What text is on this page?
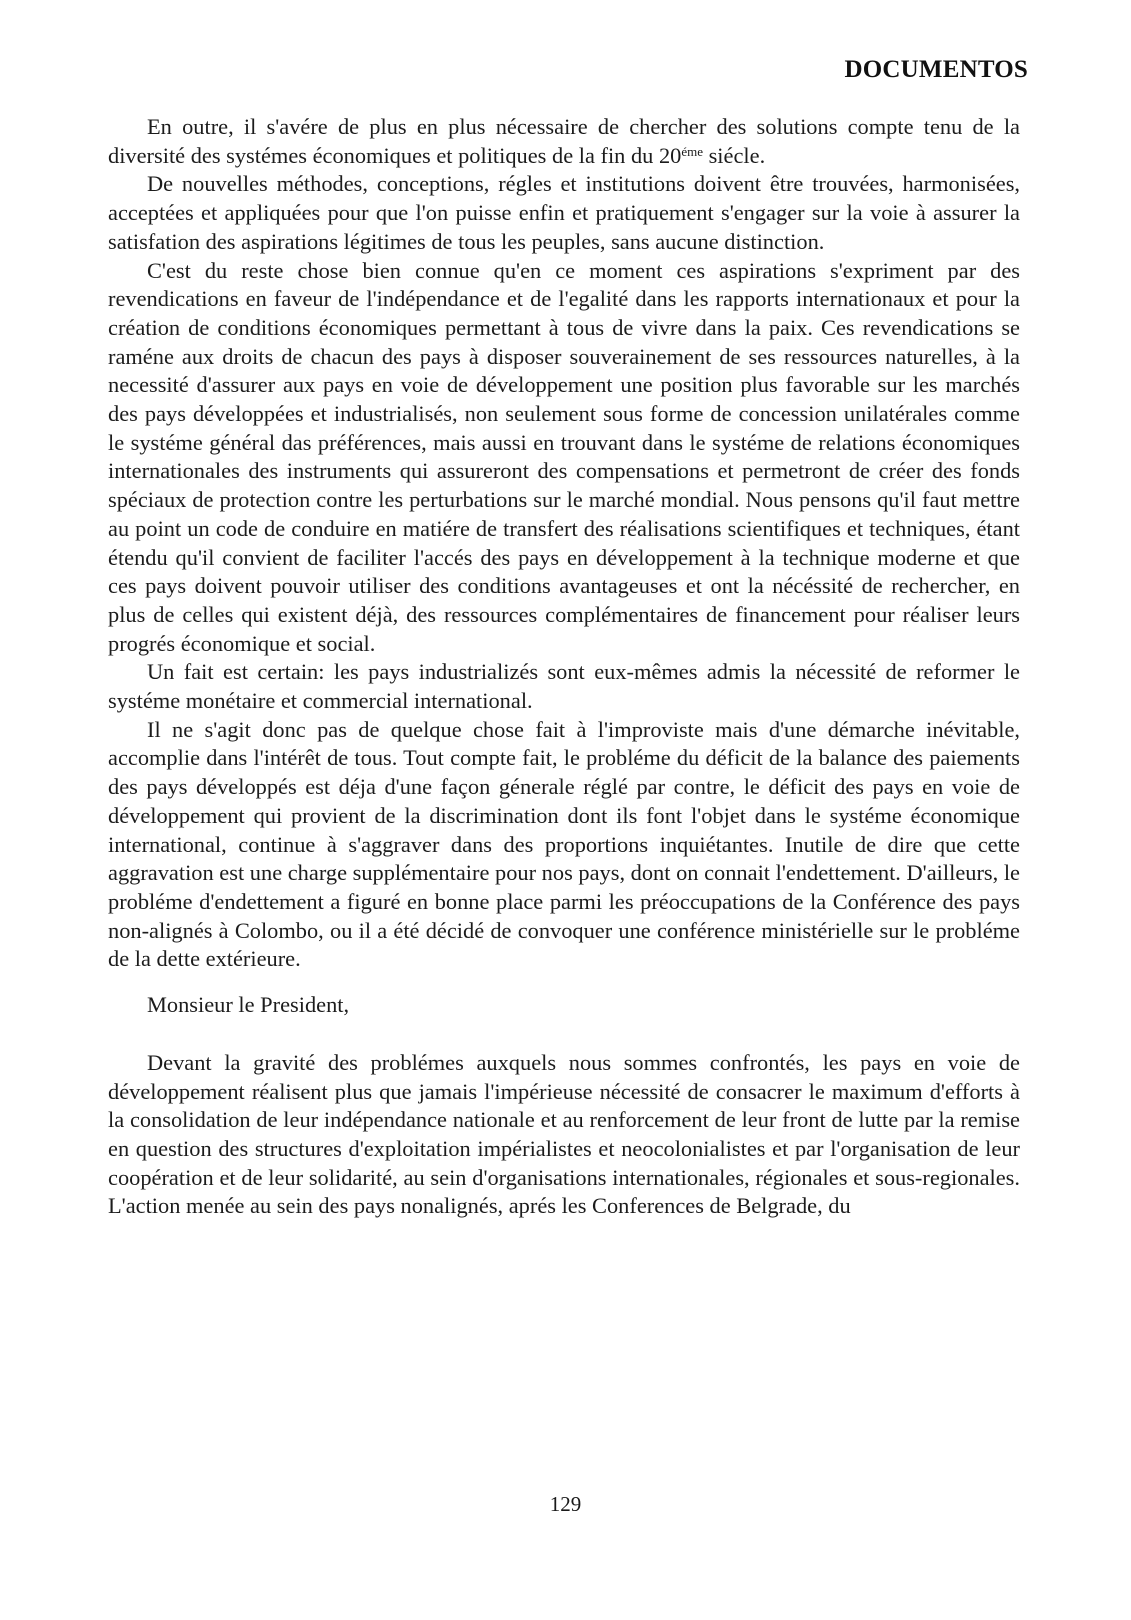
DOCUMENTOS

En outre, il s'avére de plus en plus nécessaire de chercher des solutions compte tenu de la diversité des systémes économiques et politiques de la fin du $20^{éme}$ siécle.

De nouvelles méthodes, conceptions, régles et institutions doivent être trouvées, harmonisées, acceptées et appliquées pour que l'on puisse enfin et pratiquement s'engager sur la voie à assurer la satisfation des aspirations légitimes de tous les peuples, sans aucune distinction.

C'est du reste chose bien connue qu'en ce moment ces aspirations s'expriment par des revendications en faveur de l'indépendance et de l'egalité dans les rapports internationaux et pour la création de conditions économiques permettant à tous de vivre dans la paix. Ces revendications se raméne aux droits de chacun des pays à disposer souverainement de ses ressources naturelles, à la necessité d'assurer aux pays en voie de développement une position plus favorable sur les marchés des pays développées et industrialisés, non seulement sous forme de concession unilatérales comme le systéme général das préférences, mais aussi en trouvant dans le systéme de relations économiques internationales des instruments qui assureront des compensations et permetront de créer des fonds spéciaux de protection contre les perturbations sur le marché mondial. Nous pensons qu'il faut mettre au point un code de conduire en matiére de transfert des réalisations scientifiques et techniques, étant étendu qu'il convient de faciliter l'accés des pays en développement à la technique moderne et que ces pays doivent pouvoir utiliser des conditions avantageuses et ont la nécéssité de rechercher, en plus de celles qui existent déjà, des ressources complémentaires de financement pour réaliser leurs progrés économique et social.

Un fait est certain: les pays industrializés sont eux-mêmes admis la nécessité de reformer le systéme monétaire et commercial international.

Il ne s'agit donc pas de quelque chose fait à l'improviste mais d'une démarche inévitable, accomplie dans l'intérêt de tous. Tout compte fait, le probléme du déficit de la balance des paiements des pays développés est déja d'une façon génerale réglé par contre, le déficit des pays en voie de développement qui provient de la discrimination dont ils font l'objet dans le systéme économique international, continue à s'aggraver dans des proportions inquiétantes. Inutile de dire que cette aggravation est une charge supplémentaire pour nos pays, dont on connait l'endettement. D'ailleurs, le probléme d'endettement a figuré en bonne place parmi les préoccupations de la Conférence des pays non-alignés à Colombo, ou il a été décidé de convoquer une conférence ministérielle sur le probléme de la dette extérieure.

Monsieur le President,

Devant la gravité des problémes auxquels nous sommes confrontés, les pays en voie de développement réalisent plus que jamais l'impérieuse nécessité de consacrer le maximum d'efforts à la consolidation de leur indépendance nationale et au renforcement de leur front de lutte par la remise en question des structures d'exploitation impérialistes et neocolonialistes et par l'organisation de leur coopération et de leur solidarité, au sein d'organisations internationales, régionales et sous-regionales. L'action menée au sein des pays nonalignés, aprés les Conferences de Belgrade, du

129
